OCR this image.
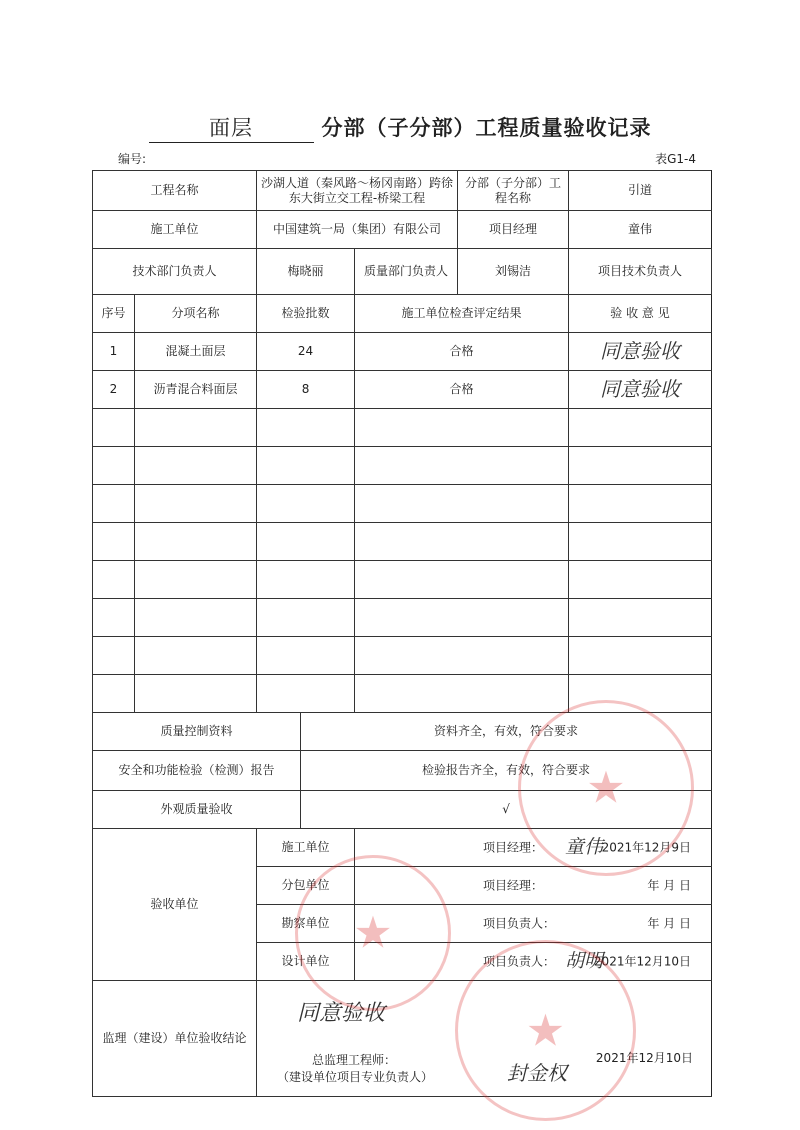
面层	分部（子分部）工程质量验收记录
编号:	表G1-4
工程名称		沙湖人道（秦风路～杨冈南路）跨徐东大街立交工程-桥梁工程			分部（子分部）工程名称	引道	
施工单位		中国建筑一局（集团）有限公司			项目经理	童伟	
技术部门负责人		梅晓丽		质量部门负责人	刘锡洁	项目技术负责人	
序号	分项名称	检验批数		施工单位检查评定结果		验 收 意 见	
1	混凝土面层	24		合格		同意验收	
2	沥青混合料面层	8		合格		同意验收	

质量控制资料			资料齐全，有效，符合要求				
安全和功能检验（检测）报告			检验报告齐全，有效，符合要求				
外观质量验收			√				
验收单位		施工单位		项目经理： 童伟
2021年12月9日			

		分包单位		项目经理： 年 月 日			

		勘察单位		项目负责人： 年 月 日			

		设计单位		项目负责人： 胡明
2021年12月10日			

监理（建设）单位验收结论		同意验收
总监理工程师：
（建设单位项目专业负责人） 封金权
2021年12月10日					
★
★
★
